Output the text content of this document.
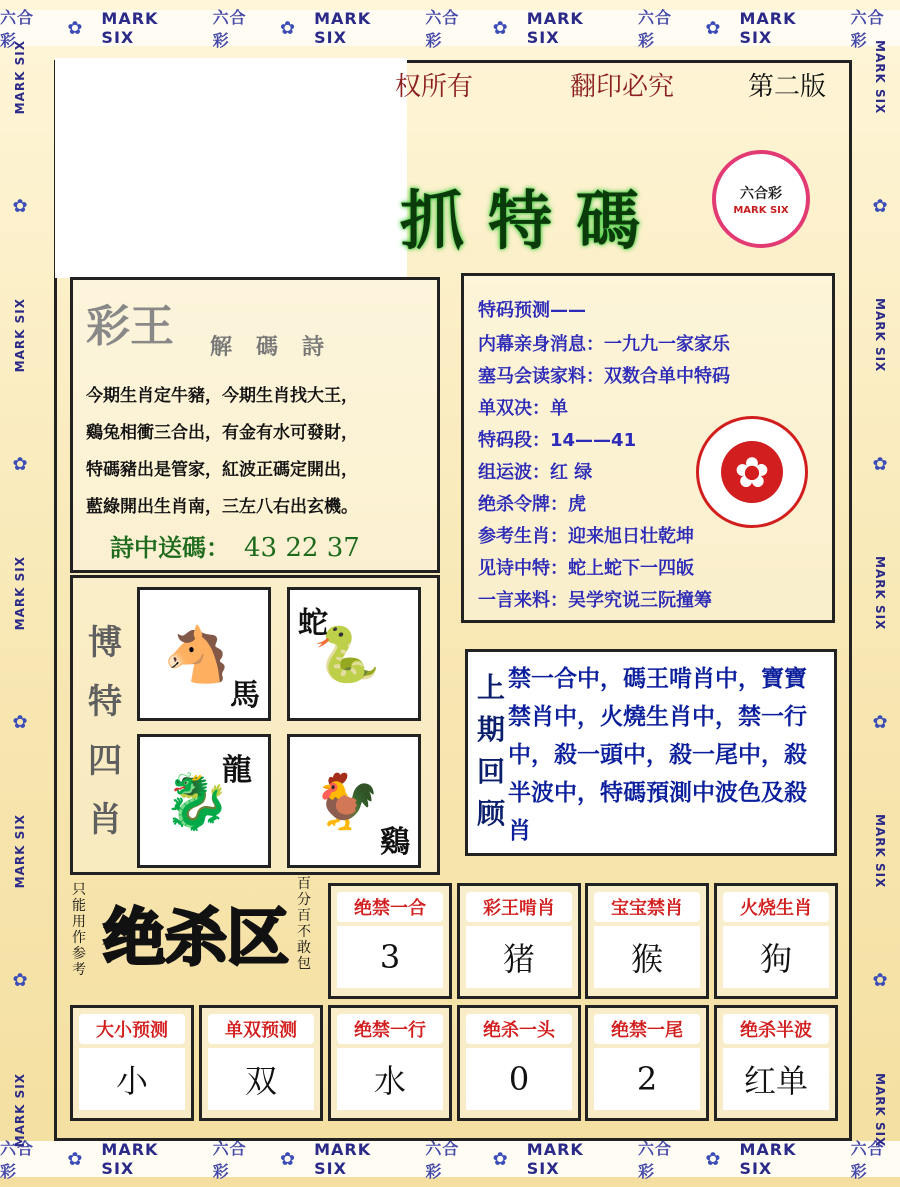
六合彩
✿ MARK SIX
六合彩
✿ MARK SIX
六合彩
✿ MARK SIX
六合彩
✿ MARK SIX
六合彩
六合彩
✿ MARK SIX
六合彩
✿ MARK SIX
六合彩
✿ MARK SIX
六合彩
✿ MARK SIX
六合彩
MARK SIX
✿
MARK SIX
✿
MARK SIX
✿
MARK SIX
✿
MARK SIX
MARK SIX
✿
MARK SIX
✿
MARK SIX
✿
MARK SIX
✿
MARK SIX
权所有	翻印必究	第二版
抓 特 碼	六合彩
MARK SIX
彩王 解 碼 詩
今期生肖定牛豬，今期生肖找大王，
鷄兔相衝三合出，有金有水可發財，
特碼豬出是管家，紅波正碼定開出，
藍綠開出生肖南，三左八右出玄機。
詩中送碼： 43 22 37
特码预测——
内幕亲身消息：一九九一家家乐
塞马会读家料：双数合单中特码
单双决：单
特码段：14——41
组运波：红 绿
绝杀令牌：虎
参考生肖：迎来旭日壮乾坤
见诗中特：蛇上蛇下一四皈
一言来料：吴学究说三阮撞筹
✿
博
特
四
肖
🐴
馬
🐍
蛇
🐉
龍 🐓
鷄
上
期
回
顾
禁一合中，碼王啃肖中，寶寶禁肖中，火燒生肖中，禁一行中，殺一頭中，殺一尾中，殺半波中，特碼預測中波色及殺肖
只能用作参考 绝杀区
百分百不敢包
绝禁一合
3
彩王啃肖
猪
宝宝禁肖
猴
火烧生肖
狗
大小预测
小
单双预测
双
绝禁一行
水
绝杀一头
0
绝禁一尾
2
绝杀半波
红单
